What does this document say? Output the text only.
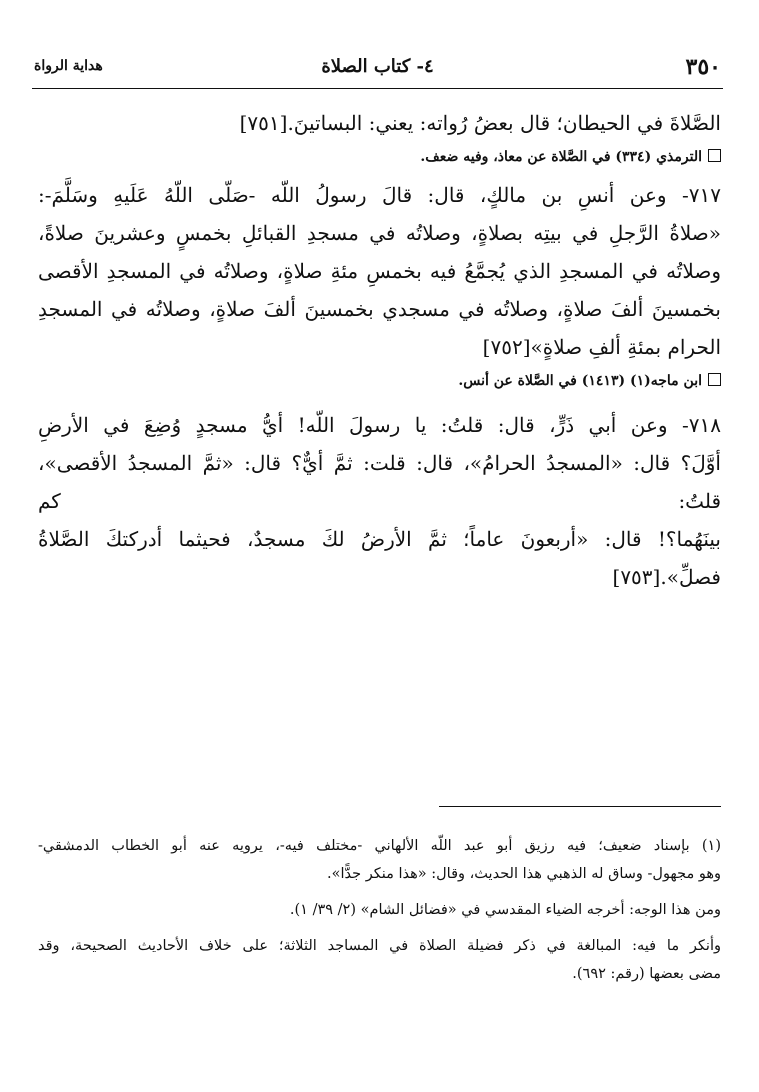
٣٥٠
٤- كتاب الصلاة
هداية الرواة
الصَّلاةَ في الحيطان؛ قال بعضُ رُواته: يعني: البساتينَ.[٧٥١]
الترمذي (٣٣٤) في الصَّلاة عن معاذ، وفيه ضعف.
٧١٧- وعن أنسِ بن مالكٍ، قال: قالَ رسولُ اللّه -صَلّى اللّهُ عَلَيهِ وسَلَّمَ-:
«صلاةُ الرَّجلِ في بيتِه بصلاةٍ، وصلاتُه في مسجدِ القبائلِ بخمسٍ وعشرينَ صلاةً،
وصلاتُه في المسجدِ الذي يُجمَّعُ فيه بخمسِ مئةِ صلاةٍ، وصلاتُه في المسجدِ الأقصى
بخمسينَ ألفَ صلاةٍ، وصلاتُه في مسجدي بخمسينَ ألفَ صلاةٍ، وصلاتُه في المسجدِ
الحرام بمئةِ ألفِ صلاةٍ»[٧٥٢]
ابن ماجه(١) (١٤١٣) في الصَّلاة عن أنس.
٧١٨- وعن أبي ذَرٍّ، قال: قلتُ: يا رسولَ اللّه! أيُّ مسجدٍ وُضِعَ في الأرضِ
أوَّلَ؟ قال: «المسجدُ الحرامُ»، قال: قلت: ثمَّ أيٌّ؟ قال: «ثمَّ المسجدُ الأقصى»، قلتُ: كم
بينَهُما؟! قال: «أربعونَ عاماً؛ ثمَّ الأرضُ لكَ مسجدٌ، فحيثما أدركتكَ الصَّلاةُ
فصلِّ».[٧٥٣]
(١) بإسناد ضعيف؛ فيه رزيق أبو عبد اللّه الألهاني -مختلف فيه-، يرويه عنه أبو الخطاب الدمشقي-
وهو مجهول- وساق له الذهبي هذا الحديث، وقال: «هذا منكر جدًّا».
ومن هذا الوجه: أخرجه الضياء المقدسي في «فضائل الشام» (٢/ ٣٩/ ١).
وأنكر ما فيه: المبالغة في ذكر فضيلة الصلاة في المساجد الثلاثة؛ على خلاف الأحاديث الصحيحة، وقد
مضى بعضها (رقم: ٦٩٢).
